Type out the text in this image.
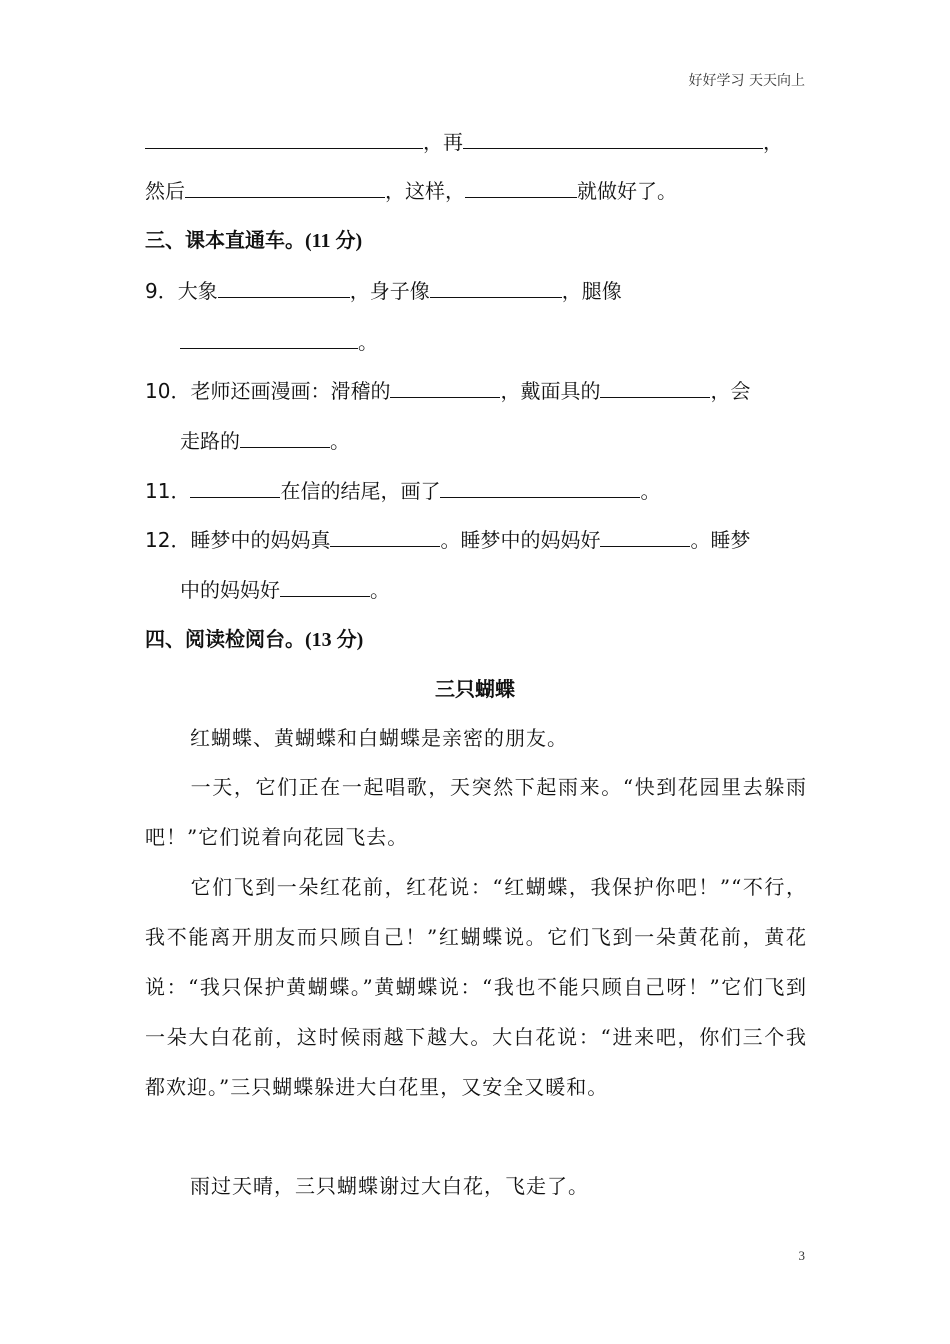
好好学习 天天向上
，再	，
然后	，这样，	就做好了。
三、课本直通车。(11 分)
9．大象	，身子像	，腿像
。
10．老师还画漫画：滑稽的	，戴面具的	，会
走路的	。
11．	在信的结尾，画了	。
12．睡梦中的妈妈真	。睡梦中的妈妈好	。睡梦
中的妈妈好	。
四、阅读检阅台。(13 分)
三只蝴蝶
红蝴蝶、黄蝴蝶和白蝴蝶是亲密的朋友。
一天，它们正在一起唱歌，天突然下起雨来。“快到花园里去躲雨吧！”它们说着向花园飞去。
它们飞到一朵红花前，红花说：“红蝴蝶，我保护你吧！”“不行，我不能离开朋友而只顾自己！”红蝴蝶说。它们飞到一朵黄花前，黄花说：“我只保护黄蝴蝶。”黄蝴蝶说：“我也不能只顾自己呀！”它们飞到一朵大白花前，这时候雨越下越大。大白花说：“进来吧，你们三个我都欢迎。”三只蝴蝶躲进大白花里，又安全又暖和。
雨过天晴，三只蝴蝶谢过大白花，飞走了。
3
